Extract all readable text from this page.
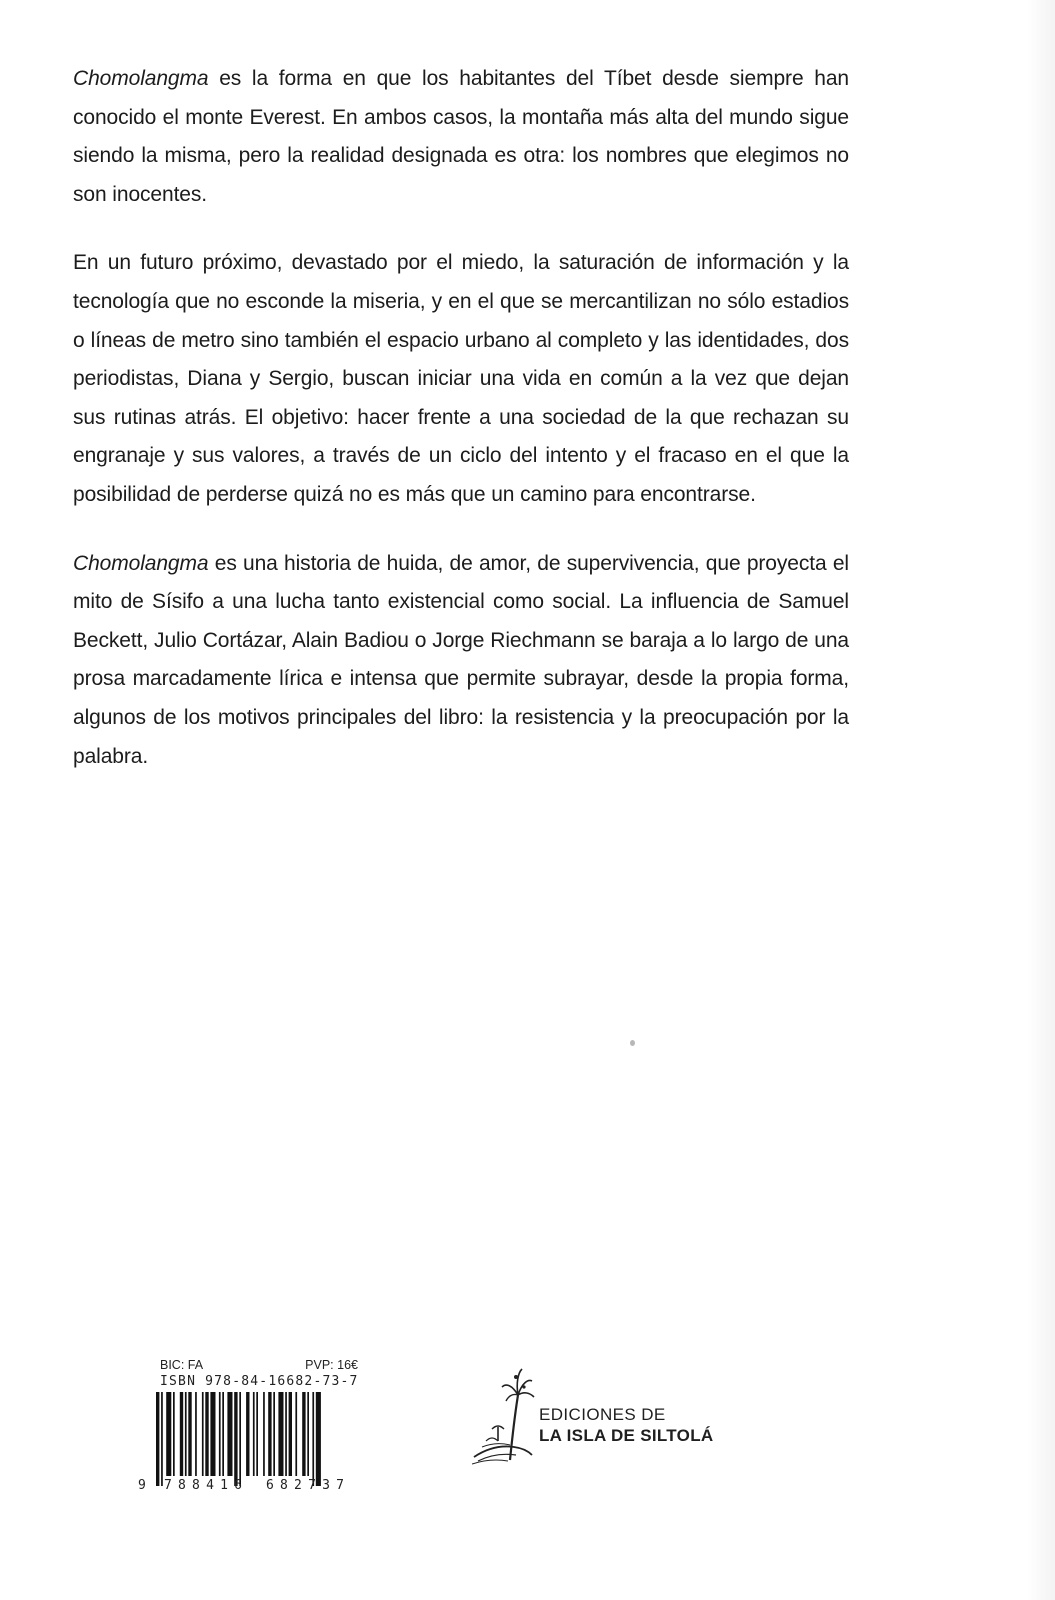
Chomolangma es la forma en que los habitantes del Tíbet desde siempre han conocido el monte Everest. En ambos casos, la montaña más alta del mundo sigue siendo la misma, pero la realidad designada es otra: los nombres que elegimos no son inocentes.

En un futuro próximo, devastado por el miedo, la saturación de información y la tecnología que no esconde la miseria, y en el que se mercantilizan no sólo estadios o líneas de metro sino también el espacio urbano al completo y las identidades, dos periodistas, Diana y Sergio, buscan iniciar una vida en común a la vez que dejan sus rutinas atrás. El objetivo: hacer frente a una sociedad de la que rechazan su engranaje y sus valores, a través de un ciclo del intento y el fracaso en el que la posibilidad de perderse quizá no es más que un camino para encontrarse.

Chomolangma es una historia de huida, de amor, de supervivencia, que proyecta el mito de Sísifo a una lucha tanto existencial como social. La influencia de Samuel Beckett, Julio Cortázar, Alain Badiou o Jorge Riechmann se baraja a lo largo de una prosa marcadamente lírica e intensa que permite subrayar, desde la propia forma, algunos de los motivos principales del libro: la resistencia y la preocupación por la palabra.

BIC: FA	PVP: 16€
ISBN 978-84-16682-73-7
9 788416 682737
EDICIONES DE
LA ISLA DE SILTOLÁ
